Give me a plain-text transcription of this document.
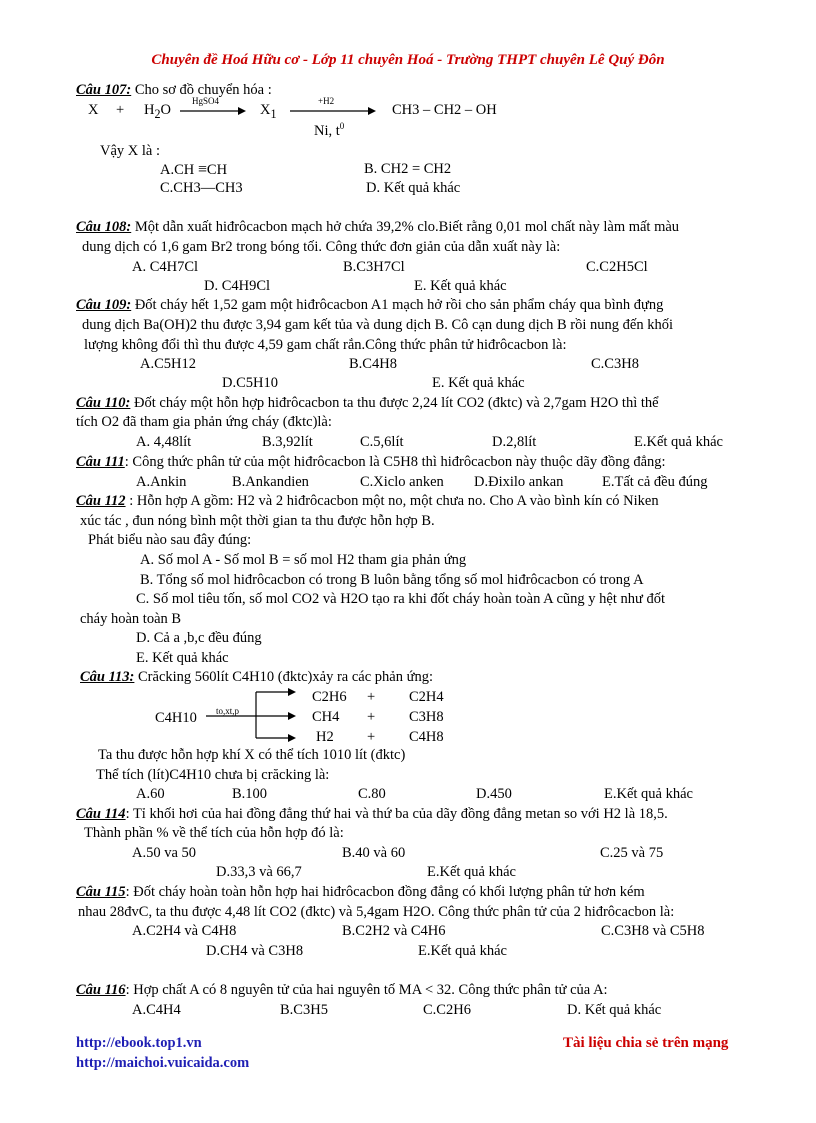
Chuyên đề Hoá Hữu cơ - Lớp 11 chuyên Hoá - Trường THPT chuyên Lê Quý Đôn
Câu 107: Cho sơ đồ chuyển hóa :
$X + H_2O$
HgSO4
$X_1$
+H2
Ni, $t^0$
CH3 – CH2 – OH
Vậy X là :
A.CH ≡CH	B. CH2 = CH2
C.CH3—CH3	D. Kết quả khác
Câu 108: Một dẫn xuất hiđrôcacbon mạch hở chứa 39,2% clo.Biết rằng 0,01 mol chất này làm mất màu
dung dịch có 1,6 gam Br2 trong bóng tối. Công thức đơn giản của dẫn xuất này là:
A. C4H7Cl	B.C3H7Cl	C.C2H5Cl
D. C4H9Cl	E. Kết quả khác
Câu 109: Đốt cháy hết 1,52 gam một hiđrôcacbon A1 mạch hở rồi cho sản phẩm cháy qua bình đựng
dung dịch Ba(OH)2 thu được 3,94 gam kết tủa và dung dịch B. Cô cạn dung dịch B rồi nung đến khối
lượng không đổi thì thu được 4,59 gam chất rắn.Công thức phân tử hiđrôcacbon là:
A.C5H12	B.C4H8	C.C3H8
D.C5H10	E. Kết quả khác
Câu 110: Đốt cháy một hỗn hợp hiđrôcacbon ta thu được 2,24 lít CO2 (đktc) và 2,7gam H2O thì thể
tích O2 đã tham gia phản ứng cháy (đktc)là:
A. 4,48lít	B.3,92lít	C.5,6lít	D.2,8lít	E.Kết quả khác
Câu 111: Công thức phân tử của một hiđrôcacbon là C5H8 thì hiđrôcacbon này thuộc dãy đồng đẳng:
A.Ankin	B.Ankandien	C.Xiclo anken D.Đixilo ankan	E.Tất cả đều đúng
Câu 112 : Hỗn hợp A gồm: H2 và 2 hiđrôcacbon một no, một chưa no. Cho A vào bình kín có Niken
xúc tác , đun nóng bình một thời gian ta thu được hỗn hợp B.
Phát biểu nào sau đây đúng:
A. Số mol A - Số mol B = số mol H2 tham gia phản ứng
B. Tổng số mol hiđrôcacbon có trong B luôn bằng tổng số mol hiđrôcacbon có trong A
C. Số mol tiêu tốn, số mol CO2 và H2O tạo ra khi đốt cháy hoàn toàn A cũng y hệt như đốt
cháy hoàn toàn B
D. Cả a ,b,c đều đúng
E. Kết quả khác
Câu 113: Crăcking 560lít C4H10 (đktc)xảy ra các phản ứng:
C4H10 to,xt,p
C2H6 + C2H4
CH4 + C3H8
H2 + C4H8
Ta thu được hỗn hợp khí X có thể tích 1010 lít (đktc)
Thể tích (lít)C4H10 chưa bị crăcking là:
A.60	B.100	C.80	D.450	E.Kết quả khác
Câu 114: Tỉ khối hơi của hai đồng đẳng thứ hai và thứ ba của dãy đồng đẳng metan so với H2 là 18,5.
Thành phần % về thể tích của hỗn hợp đó là:
A.50 va 50	B.40 và 60	C.25 và 75
D.33,3 và 66,7	E.Kết quả khác
Câu 115: Đốt cháy hoàn toàn hỗn hợp hai hiđrôcacbon đồng đẳng có khối lượng phân tử hơn kém
nhau 28đvC, ta thu được 4,48 lít CO2 (đktc) và 5,4gam H2O. Công thức phân tử của 2 hiđrôcacbon là:
A.C2H4 và C4H8	B.C2H2 và C4H6	C.C3H8 và C5H8
D.CH4 và C3H8	E.Kết quả khác
Câu 116: Hợp chất A có 8 nguyên tử của hai nguyên tố MA < 32. Công thức phân tử của A:
A.C4H4	B.C3H5	C.C2H6	D. Kết quả khác
http://ebook.top1.vn
http://maichoi.vuicaida.com
Tài liệu chia sẻ trên mạng
